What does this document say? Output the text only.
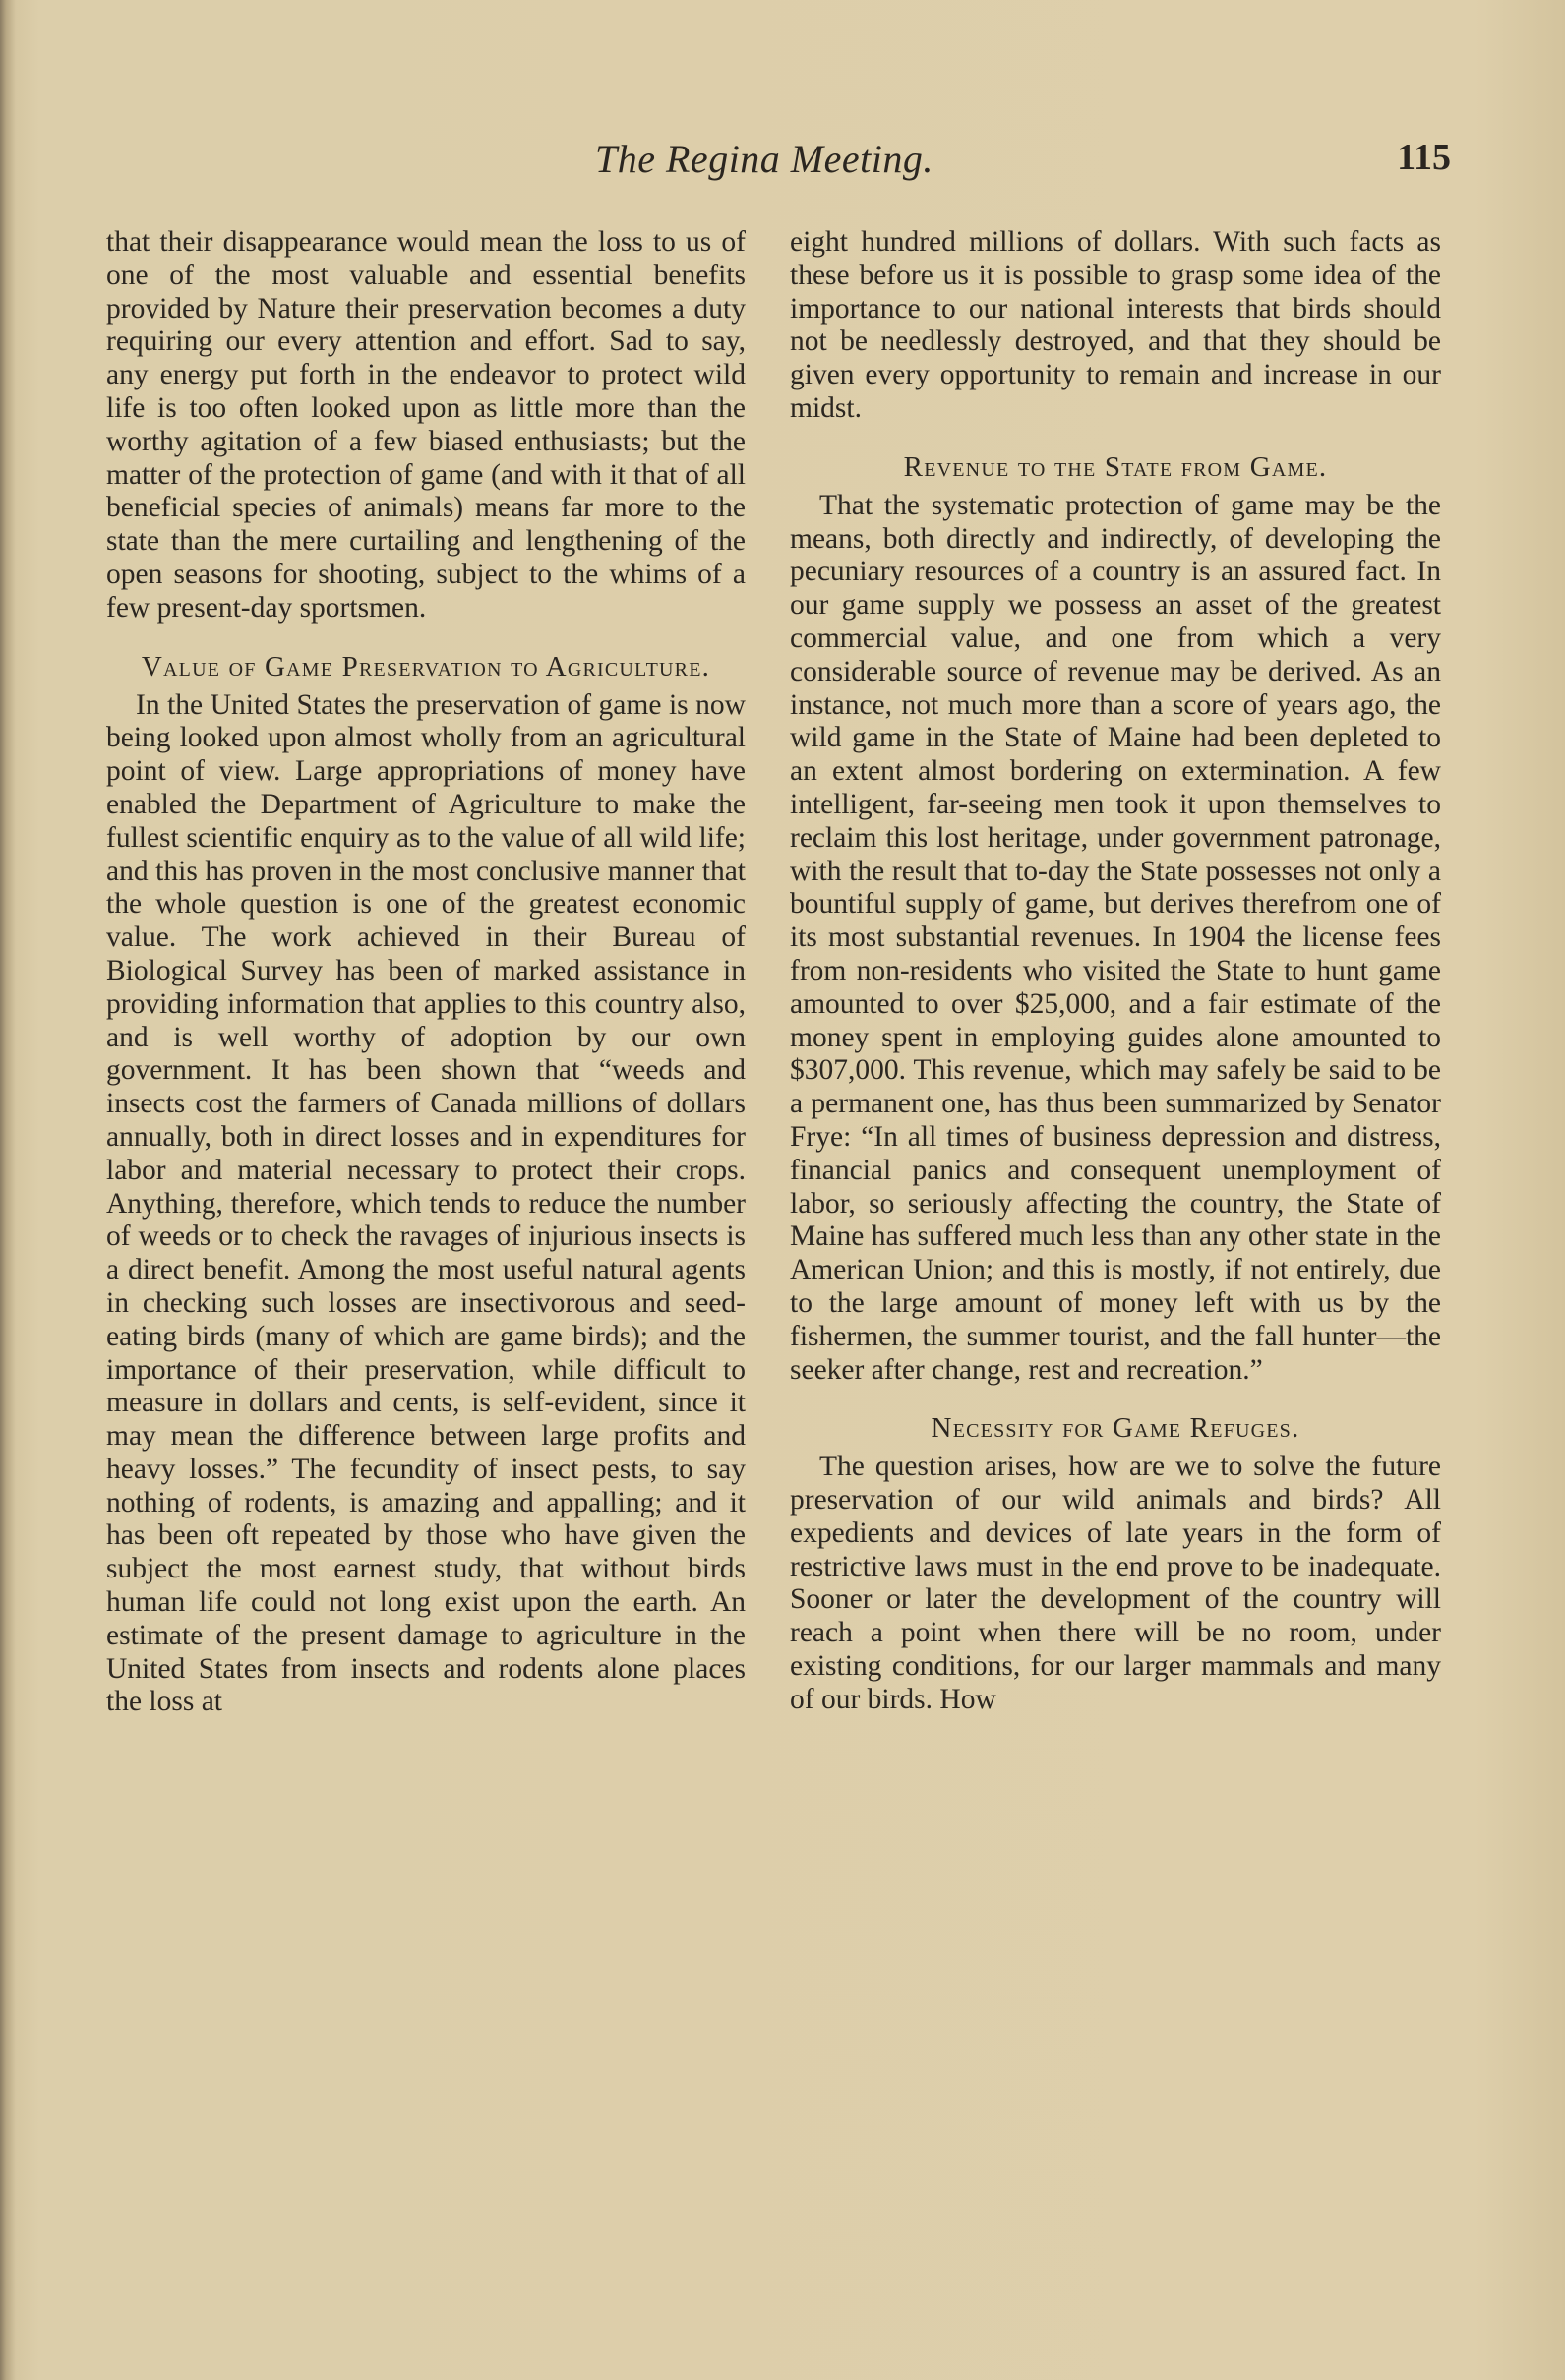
The Regina Meeting.	115

that their disappearance would mean the loss to us of one of the most valuable and essential benefits provided by Nature their preservation becomes a duty requiring our every attention and effort. Sad to say, any energy put forth in the endeavor to protect wild life is too often looked upon as little more than the worthy agitation of a few biased enthusiasts; but the matter of the protection of game (and with it that of all beneficial species of animals) means far more to the state than the mere curtailing and lengthening of the open seasons for shooting, subject to the whims of a few present-day sportsmen.

Value of Game Preservation to Agriculture.

In the United States the preservation of game is now being looked upon almost wholly from an agricultural point of view. Large appropriations of money have enabled the Department of Agriculture to make the fullest scientific enquiry as to the value of all wild life; and this has proven in the most conclusive manner that the whole question is one of the greatest economic value. The work achieved in their Bureau of Biological Survey has been of marked assistance in providing information that applies to this country also, and is well worthy of adoption by our own government. It has been shown that “weeds and insects cost the farmers of Canada millions of dollars annually, both in direct losses and in expenditures for labor and material necessary to protect their crops. Anything, therefore, which tends to reduce the number of weeds or to check the ravages of injurious insects is a direct benefit. Among the most useful natural agents in checking such losses are insectivorous and seed-eating birds (many of which are game birds); and the importance of their preservation, while difficult to measure in dollars and cents, is self-evident, since it may mean the difference between large profits and heavy losses.” The fecundity of insect pests, to say nothing of rodents, is amazing and appalling; and it has been oft repeated by those who have given the subject the most earnest study, that without birds human life could not long exist upon the earth. An estimate of the present damage to agriculture in the United States from insects and rodents alone places the loss at

eight hundred millions of dollars. With such facts as these before us it is possible to grasp some idea of the importance to our national interests that birds should not be needlessly destroyed, and that they should be given every opportunity to remain and increase in our midst.

Revenue to the State from Game.

That the systematic protection of game may be the means, both directly and indirectly, of developing the pecuniary resources of a country is an assured fact. In our game supply we possess an asset of the greatest commercial value, and one from which a very considerable source of revenue may be derived. As an instance, not much more than a score of years ago, the wild game in the State of Maine had been depleted to an extent almost bordering on extermination. A few intelligent, far-seeing men took it upon themselves to reclaim this lost heritage, under government patronage, with the result that to-day the State possesses not only a bountiful supply of game, but derives therefrom one of its most substantial revenues. In 1904 the license fees from non-residents who visited the State to hunt game amounted to over $25,000, and a fair estimate of the money spent in employing guides alone amounted to $307,000. This revenue, which may safely be said to be a permanent one, has thus been summarized by Senator Frye: “In all times of business depression and distress, financial panics and consequent unemployment of labor, so seriously affecting the country, the State of Maine has suffered much less than any other state in the American Union; and this is mostly, if not entirely, due to the large amount of money left with us by the fishermen, the summer tourist, and the fall hunter—the seeker after change, rest and recreation.”

Necessity for Game Refuges.

The question arises, how are we to solve the future preservation of our wild animals and birds? All expedients and devices of late years in the form of restrictive laws must in the end prove to be inadequate. Sooner or later the development of the country will reach a point when there will be no room, under existing conditions, for our larger mammals and many of our birds. How
